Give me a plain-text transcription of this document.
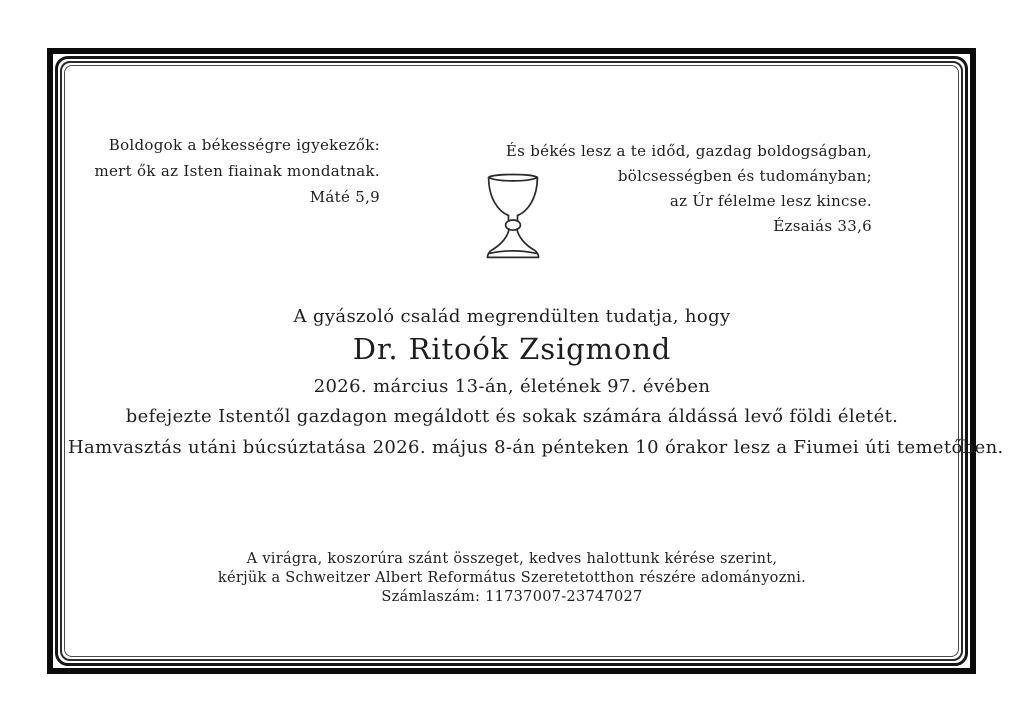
Boldogok a békességre igyekezők:
mert ők az Isten fiainak mondatnak.
Máté 5,9
És békés lesz a te időd, gazdag boldogságban,
bölcsességben és tudományban;
az Úr félelme lesz kincse.
Ézsaiás 33,6
A gyászoló család megrendülten tudatja, hogy
Dr. Ritoók Zsigmond
2026. március 13-án, életének 97. évében
befejezte Istentől gazdagon megáldott és sokak számára áldássá levő földi életét.
Hamvasztás utáni búcsúztatása 2026. május 8-án pénteken 10 órakor lesz a Fiumei úti temetőben.
A virágra, koszorúra szánt összeget, kedves halottunk kérése szerint,
kérjük a Schweitzer Albert Református Szeretetotthon részére adományozni.
Számlaszám: 11737007-23747027
